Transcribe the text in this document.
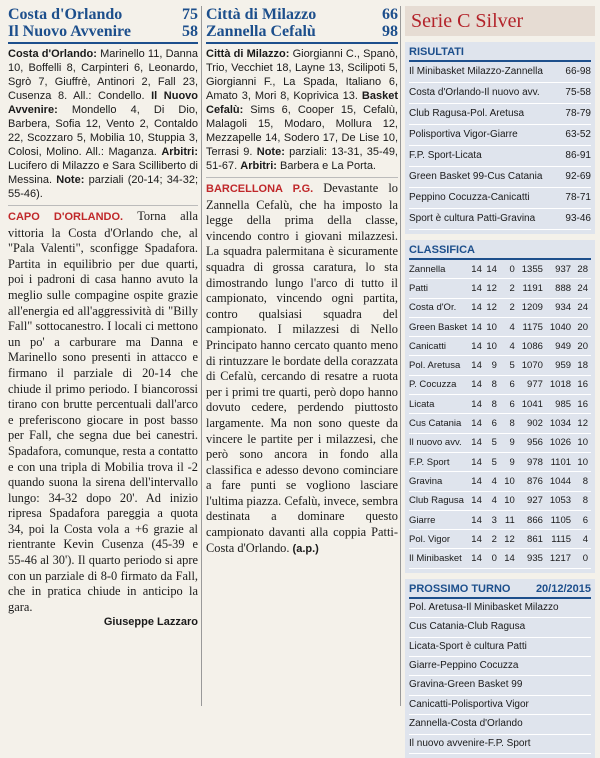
Costa d'Orlando	75
Il Nuovo Avvenire	58
Costa d'Orlando: Marinello 11, Danna 10, Boffelli 8, Carpinteri 6, Leonardo, Sgrò 7, Giuffrè, Antinori 2, Fall 23, Cusenza 8. All.: Condello. Il Nuovo Avvenire: Mondello 4, Di Dio, Barbera, Sofia 12, Vento 2, Contaldo 22, Scozzaro 5, Mobilia 10, Stuppia 3, Colosi, Molino. All.: Maganza. Arbitri: Lucifero di Milazzo e Sara Scilliberto di Messina. Note: parziali (20-14; 34-32; 55-46).
CAPO D'ORLANDO. Torna alla vittoria la Costa d'Orlando che, al "Pala Valenti", sconfigge Spadafora. Partita in equilibrio per due quarti, poi i padroni di casa hanno avuto la meglio sulle compagine ospite grazie all'energia ed all'aggressività di "Billy Fall" sottocanestro. I locali ci mettono un po' a carburare ma Danna e Marinello sono presenti in attacco e firmano il parziale di 20-14 che chiude il primo periodo. I biancorossi tirano con brutte percentuali dall'arco e preferiscono giocare in post basso per Fall, che segna due bei canestri. Spadafora, comunque, resta a contatto e con una tripla di Mobilia trova il -2 quando suona la sirena dell'intervallo lungo: 34-32 dopo 20'. Ad inizio ripresa Spadafora pareggia a quota 34, poi la Costa vola a +6 grazie al rientrante Kevin Cusenza (45-39 e 55-46 al 30'). Il quarto periodo si apre con un parziale di 8-0 firmato da Fall, che in pratica chiude in anticipo la gara.
Giuseppe Lazzaro
Città di Milazzo	66
Zannella Cefalù	98
Città di Milazzo: Giorgianni C., Spanò, Trio, Vecchiet 18, Layne 13, Scilipoti 5, Giorgianni F., La Spada, Italiano 6, Amato 3, Mori 8, Koprivica 13. Basket Cefalù: Sims 6, Cooper 15, Cefalù, Malagoli 15, Modaro, Mollura 12, Mezzapelle 14, Sodero 17, De Lise 10, Terrasi 9. Note: parziali: 13-31, 35-49, 51-67. Arbitri: Barbera e La Porta.
BARCELLONA P.G. Devastante lo Zannella Cefalù, che ha imposto la legge della prima della classe, vincendo contro i giovani milazzesi. La squadra palermitana è sicuramente squadra di grossa caratura, lo sta dimostrando lungo l'arco di tutto il campionato, vincendo ogni partita, contro qualsiasi squadra del campionato. I milazzesi di Nello Principato hanno cercato quanto meno di rintuzzare le bordate della corazzata di Cefalù, cercando di resatre a ruota per i primi tre quarti, però dopo hanno dovuto cedere, perdendo piuttosto largamente. Ma non sono queste da vincere le partite per i milazzesi, che però sono ancora in fondo alla classifica e adesso devono cominciare a fare punti se vogliono lasciare l'ultima piazza. Cefalù, invece, sembra destinata a dominare questo campionato davanti alla coppia Patti-Costa d'Orlando. (a.p.)
Serie C Silver
RISULTATI
Il Minibasket Milazzo-Zannella 66-98
Costa d'Orlando-Il nuovo avv.	75-58
Club Ragusa-Pol. Aretusa	78-79
Polisportiva Vigor-Giarre	63-52
F.P. Sport-Licata	86-91
Green Basket 99-Cus Catania 92-69
Peppino Cocuzza-Canicatti	78-71
Sport è cultura Patti-Gravina	93-46
CLASSIFICA
Zannella	14	14	0	1355	937	28
Patti	14	12	2	1191	888	24
Costa d'Or.	14	12	2	1209	934	24
Green Basket	14	10	4	1175	1040	20
Canicatti	14	10	4	1086	949	20
Pol. Aretusa	14	9	5	1070	959	18
P. Cocuzza	14	8	6	977	1018	16
Licata	14	8	6	1041	985	16
Cus Catania	14	6	8	902	1034	12
Il nuovo avv.	14	5	9	956	1026	10
F.P. Sport	14	5	9	978	1101	10
Gravina	14	4	10	876	1044	8
Club Ragusa	14	4	10	927	1053	8
Giarre	14	3	11	866	1105	6
Pol. Vigor	14	2	12	861	1115	4
Il Minibasket	14	0	14	935	1217	0
PROSSIMO TURNO 20/12/2015
Pol. Aretusa-Il Minibasket Milazzo
Cus Catania-Club Ragusa
Licata-Sport è cultura Patti
Giarre-Peppino Cocuzza
Gravina-Green Basket 99
Canicatti-Polisportiva Vigor
Zannella-Costa d'Orlando
Il nuovo avvenire-F.P. Sport
